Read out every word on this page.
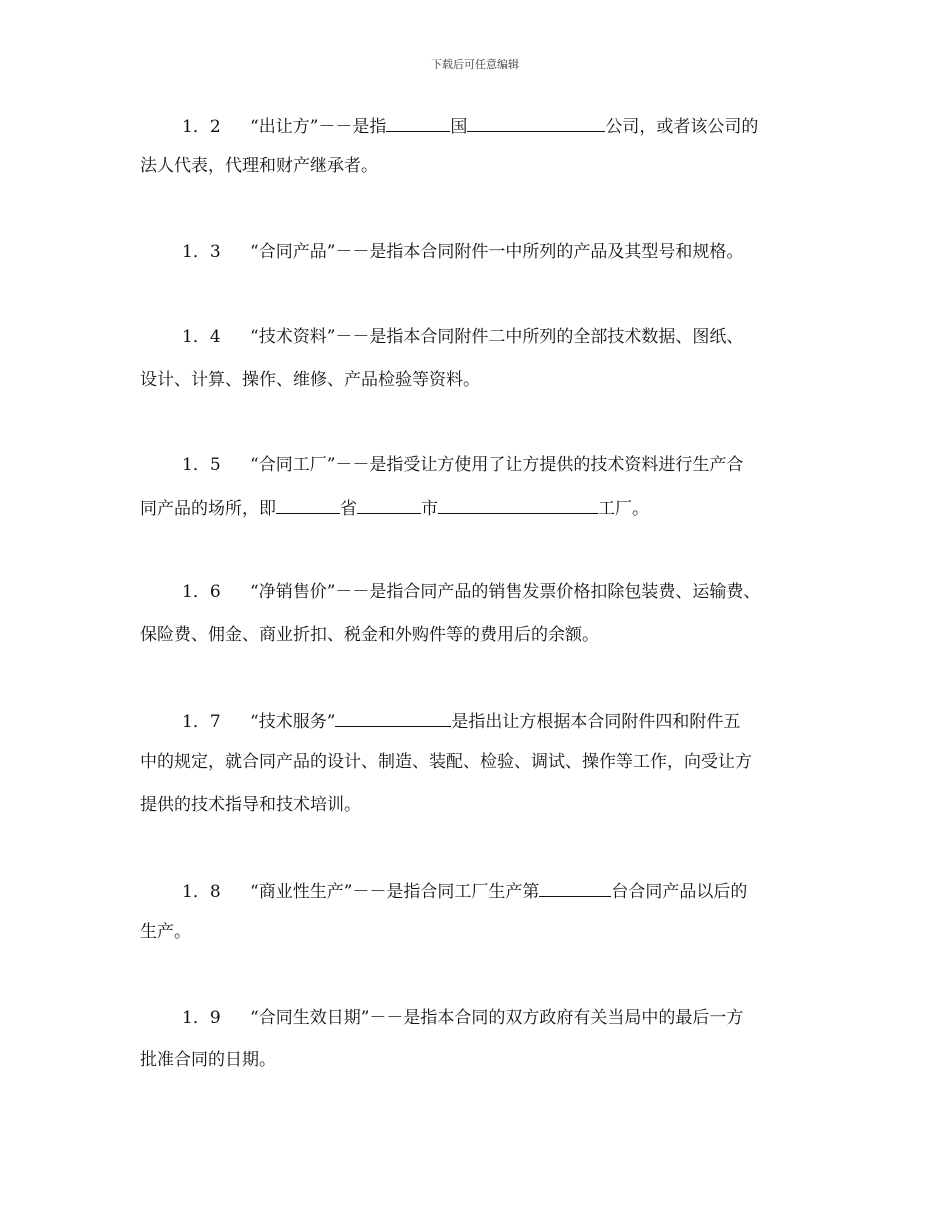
下载后可任意编辑
1．2 “出让方”－－是指	国	公司，或者该公司的
法人代表，代理和财产继承者。
1．3 “合同产品”－－是指本合同附件一中所列的产品及其型号和规格。
1．4 “技术资料”－－是指本合同附件二中所列的全部技术数据、图纸、
设计、计算、操作、维修、产品检验等资料。
1．5 “合同工厂”－－是指受让方使用了让方提供的技术资料进行生产合
同产品的场所，即	省	市	工厂。
1．6 “净销售价”－－是指合同产品的销售发票价格扣除包装费、运输费、
保险费、佣金、商业折扣、税金和外购件等的费用后的余额。
1．7 “技术服务”	是指出让方根据本合同附件四和附件五
中的规定，就合同产品的设计、制造、装配、检验、调试、操作等工作，向受让方
提供的技术指导和技术培训。
1．8 “商业性生产”－－是指合同工厂生产第	台合同产品以后的
生产。
1．9 “合同生效日期”－－是指本合同的双方政府有关当局中的最后一方
批准合同的日期。
